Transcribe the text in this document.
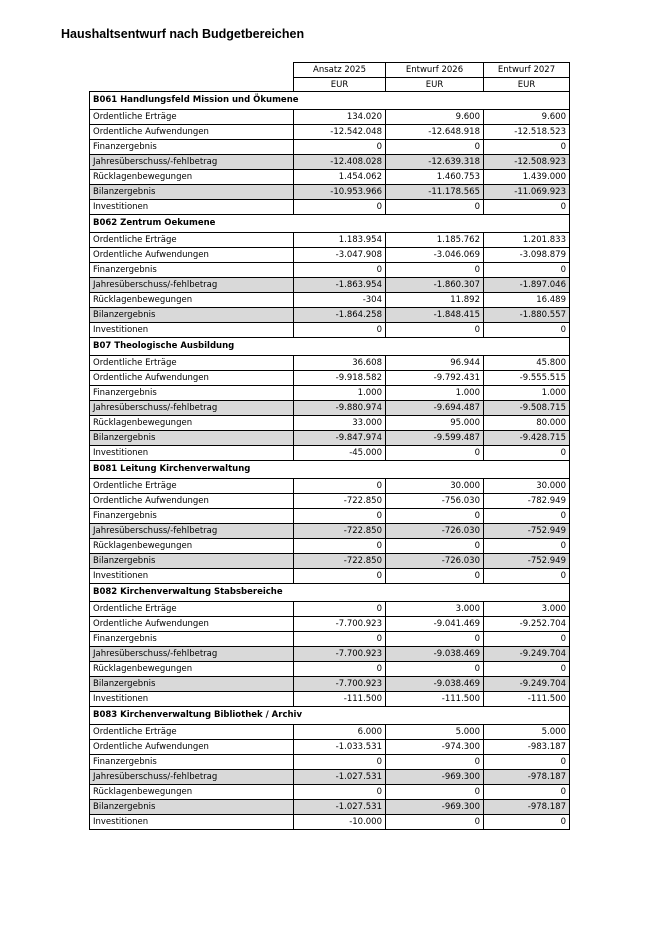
Haushaltsentwurf nach Budgetbereichen
	Ansatz 2025	Entwurf 2026	Entwurf 2027
	EUR	EUR	EUR
B061 Handlungsfeld Mission und Ökumene			
Ordentliche Erträge	134.020	9.600	9.600
Ordentliche Aufwendungen	-12.542.048	-12.648.918	-12.518.523
Finanzergebnis	0	0	0
Jahresüberschuss/-fehlbetrag	-12.408.028	-12.639.318	-12.508.923
Rücklagenbewegungen	1.454.062	1.460.753	1.439.000
Bilanzergebnis	-10.953.966	-11.178.565	-11.069.923
Investitionen	0	0	0
B062 Zentrum Oekumene			
Ordentliche Erträge	1.183.954	1.185.762	1.201.833
Ordentliche Aufwendungen	-3.047.908	-3.046.069	-3.098.879
Finanzergebnis	0	0	0
Jahresüberschuss/-fehlbetrag	-1.863.954	-1.860.307	-1.897.046
Rücklagenbewegungen	-304	11.892	16.489
Bilanzergebnis	-1.864.258	-1.848.415	-1.880.557
Investitionen	0	0	0
B07 Theologische Ausbildung			
Ordentliche Erträge	36.608	96.944	45.800
Ordentliche Aufwendungen	-9.918.582	-9.792.431	-9.555.515
Finanzergebnis	1.000	1.000	1.000
Jahresüberschuss/-fehlbetrag	-9.880.974	-9.694.487	-9.508.715
Rücklagenbewegungen	33.000	95.000	80.000
Bilanzergebnis	-9.847.974	-9.599.487	-9.428.715
Investitionen	-45.000	0	0
B081 Leitung Kirchenverwaltung			
Ordentliche Erträge	0	30.000	30.000
Ordentliche Aufwendungen	-722.850	-756.030	-782.949
Finanzergebnis	0	0	0
Jahresüberschuss/-fehlbetrag	-722.850	-726.030	-752.949
Rücklagenbewegungen	0	0	0
Bilanzergebnis	-722.850	-726.030	-752.949
Investitionen	0	0	0
B082 Kirchenverwaltung Stabsbereiche			
Ordentliche Erträge	0	3.000	3.000
Ordentliche Aufwendungen	-7.700.923	-9.041.469	-9.252.704
Finanzergebnis	0	0	0
Jahresüberschuss/-fehlbetrag	-7.700.923	-9.038.469	-9.249.704
Rücklagenbewegungen	0	0	0
Bilanzergebnis	-7.700.923	-9.038.469	-9.249.704
Investitionen	-111.500	-111.500	-111.500
B083 Kirchenverwaltung Bibliothek / Archiv			
Ordentliche Erträge	6.000	5.000	5.000
Ordentliche Aufwendungen	-1.033.531	-974.300	-983.187
Finanzergebnis	0	0	0
Jahresüberschuss/-fehlbetrag	-1.027.531	-969.300	-978.187
Rücklagenbewegungen	0	0	0
Bilanzergebnis	-1.027.531	-969.300	-978.187
Investitionen	-10.000	0	0
